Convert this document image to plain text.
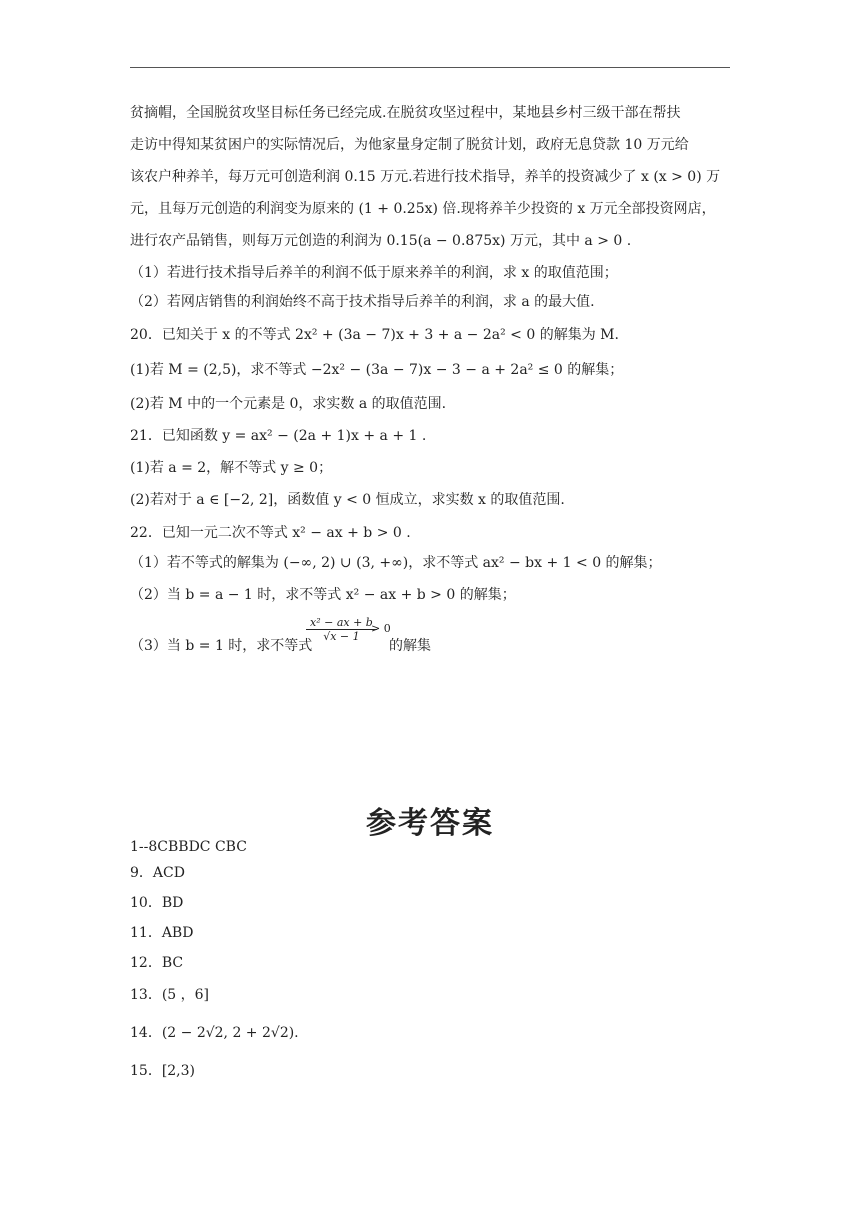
贫摘帽，全国脱贫攻坚目标任务已经完成.在脱贫攻坚过程中，某地县乡村三级干部在帮扶
走访中得知某贫困户的实际情况后，为他家量身定制了脱贫计划，政府无息贷款 10 万元给
该农户种养羊，每万元可创造利润 0.15 万元.若进行技术指导，养羊的投资减少了 x (x > 0) 万
元，且每万元创造的利润变为原来的 (1 + 0.25x) 倍.现将养羊少投资的 x 万元全部投资网店，
进行农产品销售，则每万元创造的利润为 0.15(a − 0.875x) 万元，其中 a > 0 .
（1）若进行技术指导后养羊的利润不低于原来养羊的利润，求 x 的取值范围；
（2）若网店销售的利润始终不高于技术指导后养羊的利润，求 a 的最大值.
20．已知关于 x 的不等式 2x² + (3a − 7)x + 3 + a − 2a² < 0 的解集为 M.
(1)若 M = (2,5)，求不等式 −2x² − (3a − 7)x − 3 − a + 2a² ≤ 0 的解集；
(2)若 M 中的一个元素是 0，求实数 a 的取值范围.
21．已知函数 y = ax² − (2a + 1)x + a + 1 .
(1)若 a = 2，解不等式 y ≥ 0；
(2)若对于 a ∈ [−2, 2]，函数值 y < 0 恒成立，求实数 x 的取值范围.
22．已知一元二次不等式 x² − ax + b > 0 .
（1）若不等式的解集为 (−∞, 2) ∪ (3, +∞)，求不等式 ax² − bx + 1 < 0 的解集；
（2）当 b = a − 1 时，求不等式 x² − ax + b > 0 的解集；
（3）当 b = 1 时，求不等式
$\frac{\text{x² − ax + b}}{√x - 1}$
> 0
的解集
参考答案
1--8CBBDC CBC
9．ACD
10．BD
11．ABD
12．BC
13．(5 ，6]
14．(2 − 2√2, 2 + 2√2).
15．[2,3)
